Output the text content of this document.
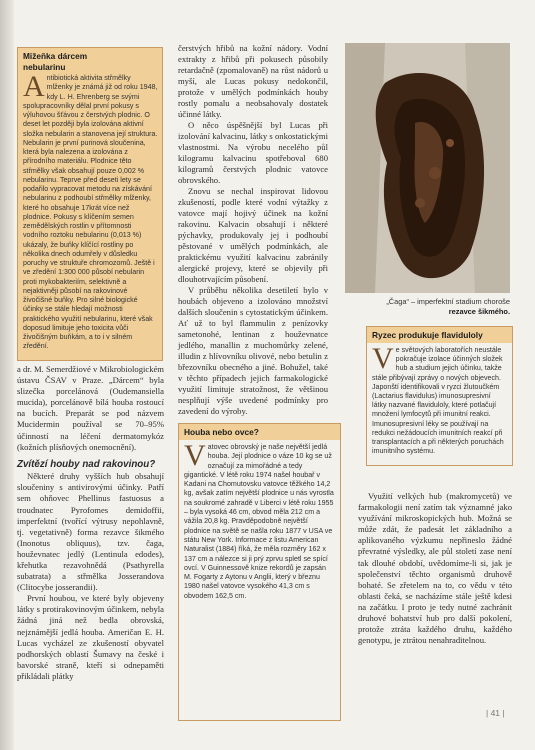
Mižeňka dárcem nebularinu

Antibiotická aktivita střmělky mlženky je známá již od roku 1948, kdy L. H. Ehrenberg se svými spolupracovníky dělal první pokusy s výluhovou šťávou z čerstvých plodnic. O deset let později byla izolována aktivní složka nebularin a stanovena její struktura. Nebularin je první purinová sloučenina, která byla nalezena a izolována z přírodního materiálu. Plodnice těto střmělky však obsahují pouze 0,002 % nebularinu. Teprve před deseti lety se podařilo vypracovat metodu na získávání nebularinu z podhoubí střmělky mlženky, které ho obsahuje 17krát více než plodnice. Pokusy s klíčením semen zemědělských rostlin v přítomnosti vodního roztoku nebularinu (0,013 %) ukázaly, že buňky klíčící rostliny po několika dnech odumřely v důsledku poruchy ve struktuře chromozomů. Ještě i ve zředění 1:300 000 působí nebularin proti mykobakteriím, selektivně a nejaktivněji působí na rakovinové živočišné buňky. Pro silné biologické účinky se stále hledají možnosti praktického využití nebularinu, které však doposud limituje jeho toxicita vůči živočišným buňkám, a to i v silném zředění.

a dr. M. Semerdžiové v Mikrobiologickém ústavu ČSAV v Praze. „Dárcem“ byla slizečka porcelánová (Oudemansiella mucida), porcelánově bílá houba rostoucí na bucích. Preparát se pod názvem Mucidermin používal se 70–95% účinností na léčení dermatomykóz (kožních plísňových onemocnění).

Zvítězí houby nad rakovinou?

Některé druhy vyšších hub obsahují sloučeniny s antivirovými účinky. Patří sem ohňovec Phellinus fastuosus a troudnatec Pyrofomes demidoffii, imperfektní (tvořící výtrusy nepohlavně, tj. vegetativně) forma rezavce šikmého (Inonotus obliquus), tzv. čaga, houževnatec jedlý (Lentinula edodes), křehutka rezavohnědá (Psathyrella subatrata) a střmělka Josserandova (Clitocybe josserandii).

První houbou, ve které byly objeveny látky s protirakovinovým účinkem, nebyla žádná jiná než bedla obrovská, nejznámější jedlá houba. Američan E. H. Lucas vycházel ze zkušeností obyvatel podhorských oblastí Šumavy na české i bavorské straně, kteří si odnepaměti přikládali plátky

čerstvých hřibů na kožní nádory. Vodní extrakty z hřibů při pokusech působily retardačně (zpomalovaně) na růst nádorů u myší, ale Lucas pokusy nedokončil, protože v umělých podmínkách houby rostly pomalu a neobsahovaly dostatek účinné látky.

O něco úspěšnější byl Lucas při izolování kalvacinu, látky s onkostatickými vlastnostmi. Na výrobu necelého půl kilogramu kalvacinu spotřeboval 680 kilogramů čerstvých plodnic vatovce obrovského.

Znovu se nechal inspirovat lidovou zkušeností, podle které vodní výtažky z vatovce mají hojivý účinek na kožní rakovinu. Kalvacin obsahují i některé pýchavky, produkovaly jej i podhoubí pěstované v umělých podmínkách, ale praktickému využití kalvacinu zabránily alergické projevy, které se objevily při dlouhotrvajícím působení.

V průběhu několika desetiletí bylo v houbách objeveno a izolováno množství dalších sloučenin s cytostatickým účinkem. Ať už to byl flammulin z penízovky sametonohé, lentinan z houževnatce jedlého, manallin z muchomůrky zelené, illudin z hlívovníku olivové, nebo betulin z březovníku obecného a jiné. Bohužel, také v těchto případech jejich farmakologické využití limituje stratožnost, že většinou nesplňují výše uvedené podmínky pro zavedení do výroby.

Houba nebo ovce?

Vatovec obrovský je naše největší jedlá houba. Její plodnice o váze 10 kg se už označují za mimořádné a tedy gigantické. V létě roku 1974 našel houbař v Kadani na Chomutovsku vatovce těžkého 14,2 kg, avšak zatím největší plodnice u nás vyrostla na soukromé zahradě v Liberci v létě roku 1955 – byla vysoká 46 cm, obvod měla 212 cm a vážila 20,8 kg. Pravděpodobně největší plodnice na světě se našla roku 1877 v USA ve státu New York. Informace z listu American Naturalist (1884) říká, že měla rozměry 162 x 137 cm a nálezce si ji prý zprvu spletl se spící ovcí. V Guinnessově knize rekordů je zapsán M. Fogarty z Aytonu v Anglii, který v březnu 1980 našel vatovce vysokého 41,3 cm s obvodem 162,5 cm.

„Čaga“ – imperfektní stadium choroše
rezavce šikmého.
Ryzec produkuje flaviduloly

Ve světových laboratořích neustále pokračuje izolace účinných složek hub a studium jejich účinku, takže stále přibývají zprávy o nových objevech. Japonští identifikovali v ryzci žlutoučkém (Lactarius flavidulus) imunosupresivní látky nazvané flaviduloly, které potlačují množení lymfocytů při imunitní reakci. Imunosupresivní léky se používají na redukci nežádoucích imunitních reakcí při transplantacích a při některých poruchách imunitního systému.

Využití velkých hub (makromycetů) ve farmakologii není zatím tak významné jako využívání mikroskopických hub. Možná se může zdát, že padesát let základního a aplikovaného výzkumu nepřineslo žádné převratné výsledky, ale půl století zase není tak dlouhé období, uvědomíme-li si, jak je společenství těchto organismů druhově bohaté. Se zřetelem na to, co vědu v této oblasti čeká, se nacházíme stále ještě kdesi na začátku. I proto je tedy nutné zachránit druhové bohatství hub pro další pokolení, protože ztráta každého druhu, každého genotypu, je ztrátou nenahraditelnou.

| 41 |
